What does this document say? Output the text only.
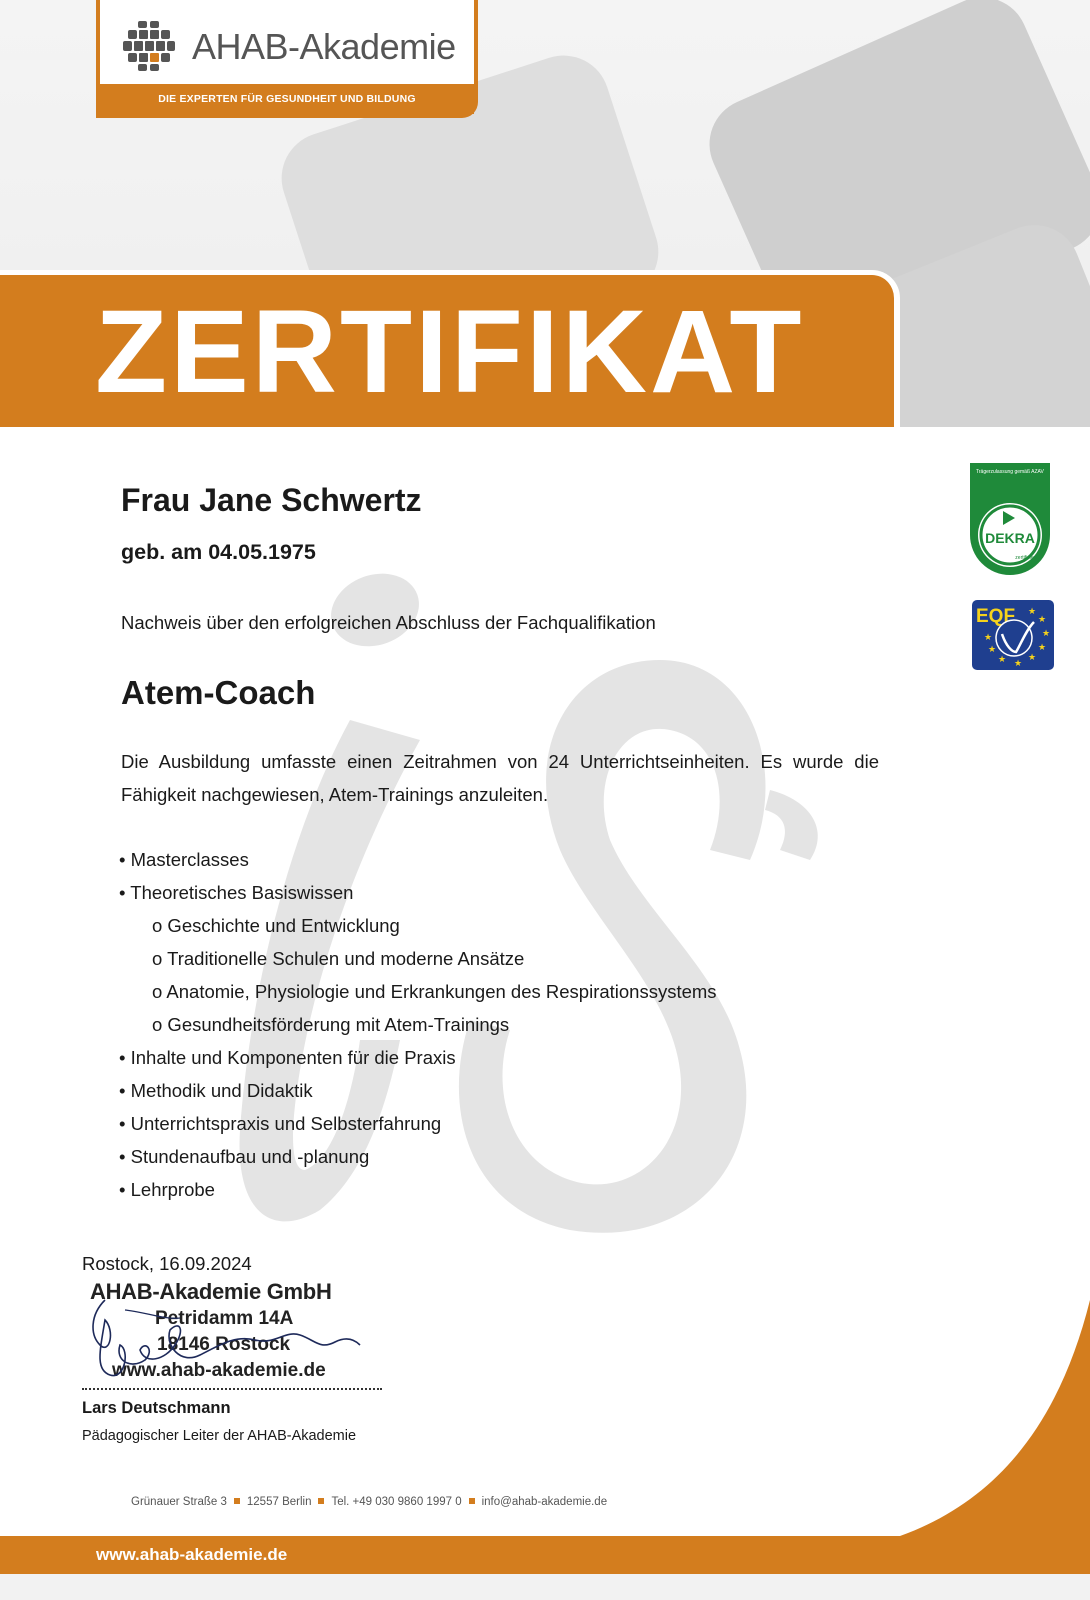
AHAB-Akademie
DIE EXPERTEN FÜR GESUNDHEIT UND BILDUNG
ZERTIFIKAT
Trägerzulassung gemäß AZAV
DEKRA
zertifiziert
EQF ★
★
★
★
★
★
★
★
★
Frau Jane Schwertz
geb. am 04.05.1975
Nachweis über den erfolgreichen Abschluss der Fachqualifikation
Atem-Coach
Die Ausbildung umfasste einen Zeitrahmen von 24 Unterrichtseinheiten. Es wurde die Fähigkeit nachgewiesen, Atem-Trainings anzuleiten.
• Masterclasses
• Theoretisches Basiswissen
o Geschichte und Entwicklung
o Traditionelle Schulen und moderne Ansätze
o Anatomie, Physiologie und Erkrankungen des Respirationssystems
o Gesundheitsförderung mit Atem-Trainings
• Inhalte und Komponenten für die Praxis
• Methodik und Didaktik
• Unterrichtspraxis und Selbsterfahrung
• Stundenaufbau und -planung
• Lehrprobe
Rostock, 16.09.2024
AHAB-Akademie GmbH
Petridamm 14A
18146 Rostock
www.ahab-akademie.de
Lars Deutschmann
Pädagogischer Leiter der AHAB-Akademie
Grünauer Straße 3 12557 Berlin Tel. +49 030 9860 1997 0 info@ahab-akademie.de
www.ahab-akademie.de
